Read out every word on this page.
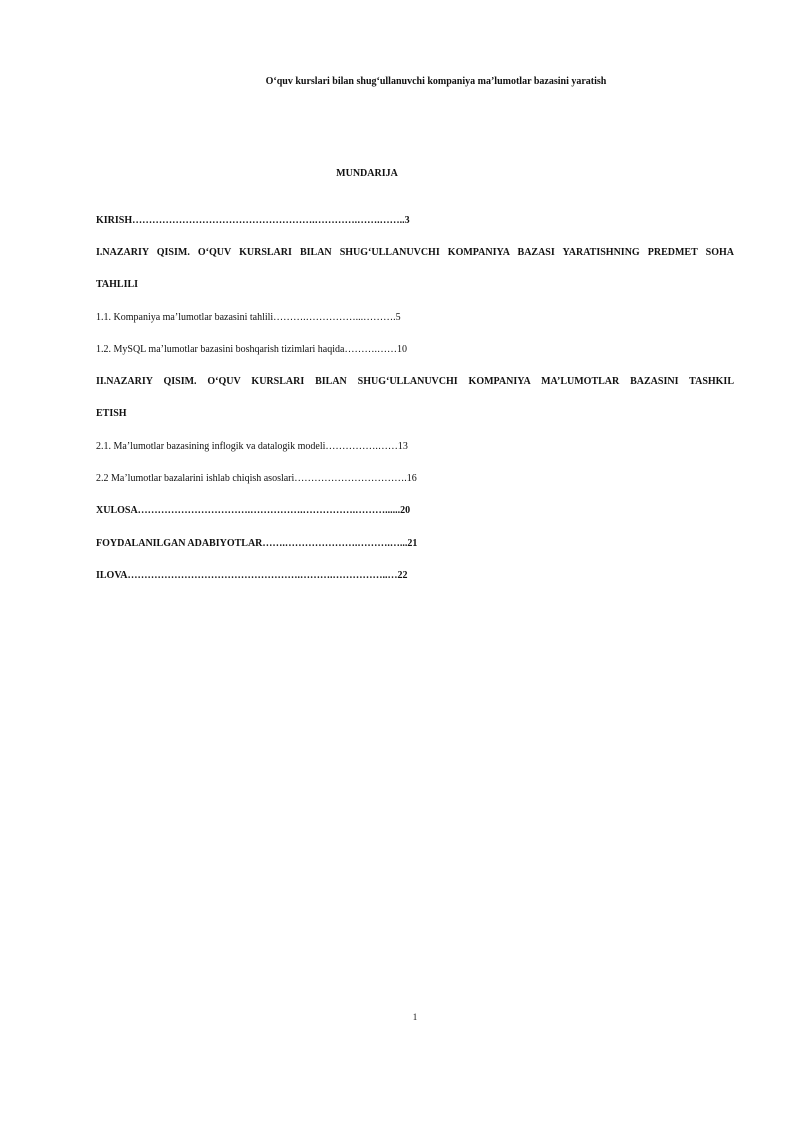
O‘quv kurslari bilan shug‘ullanuvchi kompaniya ma’lumotlar bazasini yaratish
MUNDARIJA
KIRISH……………………………………………….………….…….……..3
I.NAZARIY QISIM. O‘QUV KURSLARI BILAN SHUG‘ULLANUVCHI KOMPANIYA BAZASI YARATISHNING PREDMET SOHA
TAHLILI
1.1. Kompaniya ma’lumotlar bazasini tahlili……….……………...……….5
1.2. MySQL ma’lumotlar bazasini boshqarish tizimlari haqida……….……10
II.NAZARIY QISIM. O‘QUV KURSLARI BILAN SHUG‘ULLANUVCHI KOMPANIYA MA’LUMOTLAR BAZASINI TASHKIL
ETISH
2.1. Ma’lumotlar bazasining inflogik va datalogik modeli…………….……13
2.2 Ma’lumotlar bazalarini ishlab chiqish asoslari…………………………….16
XULOSA…………………………….…………….…………….………......20
FOYDALANILGAN ADABIYOTLAR…….………………….……….…...21
ILOVA…………………………………………….……….……………..…22
1
